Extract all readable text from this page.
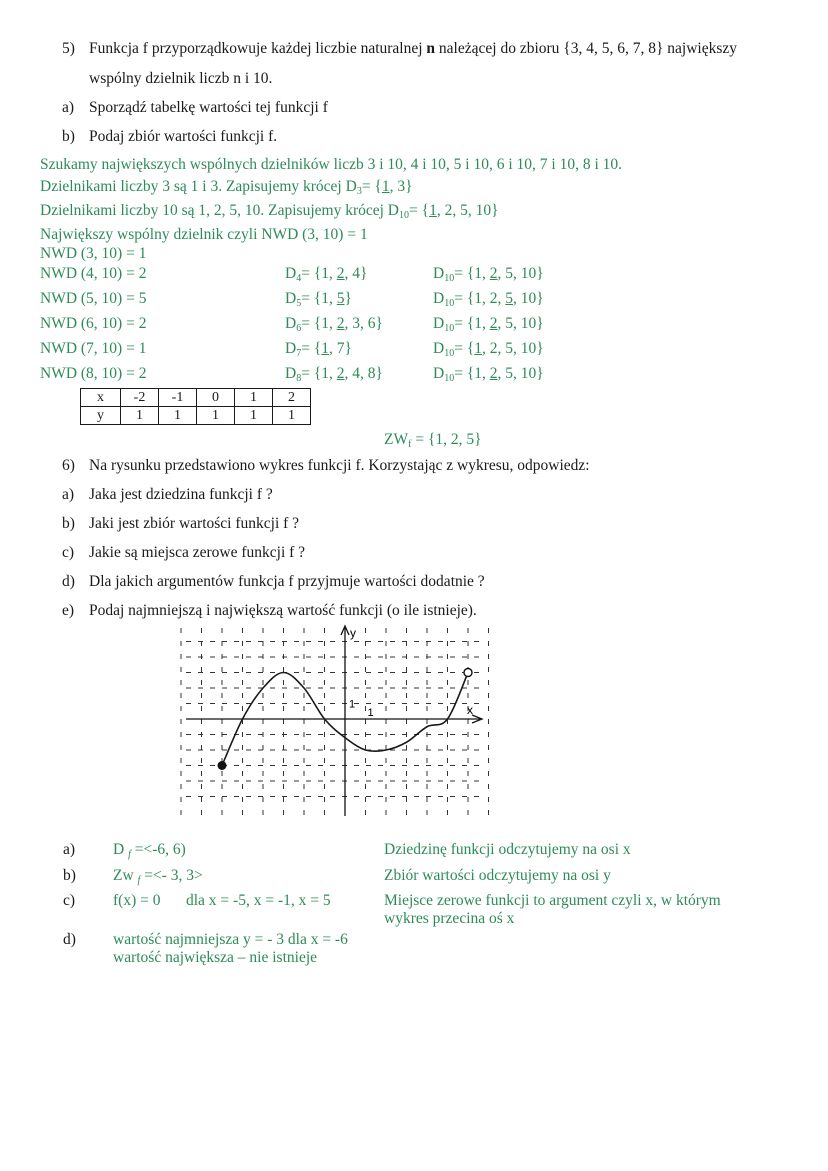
5) Funkcja f przyporządkowuje każdej liczbie naturalnej n należącej do zbioru {3, 4, 5, 6, 7, 8} największy
wspólny dzielnik liczb n i 10.
a) Sporządź tabelkę wartości tej funkcji f
b) Podaj zbiór wartości funkcji f.
Szukamy największych wspólnych dzielników liczb 3 i 10, 4 i 10, 5 i 10, 6 i 10, 7 i 10, 8 i 10.
Dzielnikami liczby 3 są 1 i 3. Zapisujemy krócej $D_3= \{1$, 3}
Dzielnikami liczby 10 są 1, 2, 5, 10. Zapisujemy krócej $D_{10}= \{1$, 2, 5, 10}
Największy wspólny dzielnik czyli NWD (3, 10) = 1
NWD (3, 10) = 1
NWD (4, 10) = 2	$D_4= \{1$, 2, 4}	$D_{10}= \{1$, 2, 5, 10}
NWD (5, 10) = 5	$D_5= \{1$, 5}	$D_{10}= \{1$, 2, 5, 10}
NWD (6, 10) = 2	$D_6= \{1$, 2, 3, 6}	$D_{10}= \{1$, 2, 5, 10}
NWD (7, 10) = 1	$D_7= \{1$, 7}	$D_{10}= \{1$, 2, 5, 10}
NWD (8, 10) = 2	$D_8= \{1$, 2, 4, 8}	$D_{10}= \{1$, 2, 5, 10}
x	-2	-1	0	1	2
y	1	1	1	1	1
$ZW_f = \{1$, 2, 5}
6) Na rysunku przedstawiono wykres funkcji f. Korzystając z wykresu, odpowiedz:
a) Jaka jest dziedzina funkcji f ?
b) Jaki jest zbiór wartości funkcji f ?
c) Jakie są miejsca zerowe funkcji f ?
d) Dla jakich argumentów funkcja f przyjmuje wartości dodatnie ?
e) Podaj najmniejszą i największą wartość funkcji (o ile istnieje).
y
x
1
1
a) D $_f$ =<-6, 6)	Dziedzinę funkcji odczytujemy na osi x
b) Zw $_f$ =<- 3, 3>	Zbiór wartości odczytujemy na osi y
c) f(x) = 0 dla x = -5, x = -1, x = 5	Miejsce zerowe funkcji to argument czyli x, w którym
wykres przecina oś x
d) wartość najmniejsza y = - 3 dla x = -6
wartość największa – nie istnieje
